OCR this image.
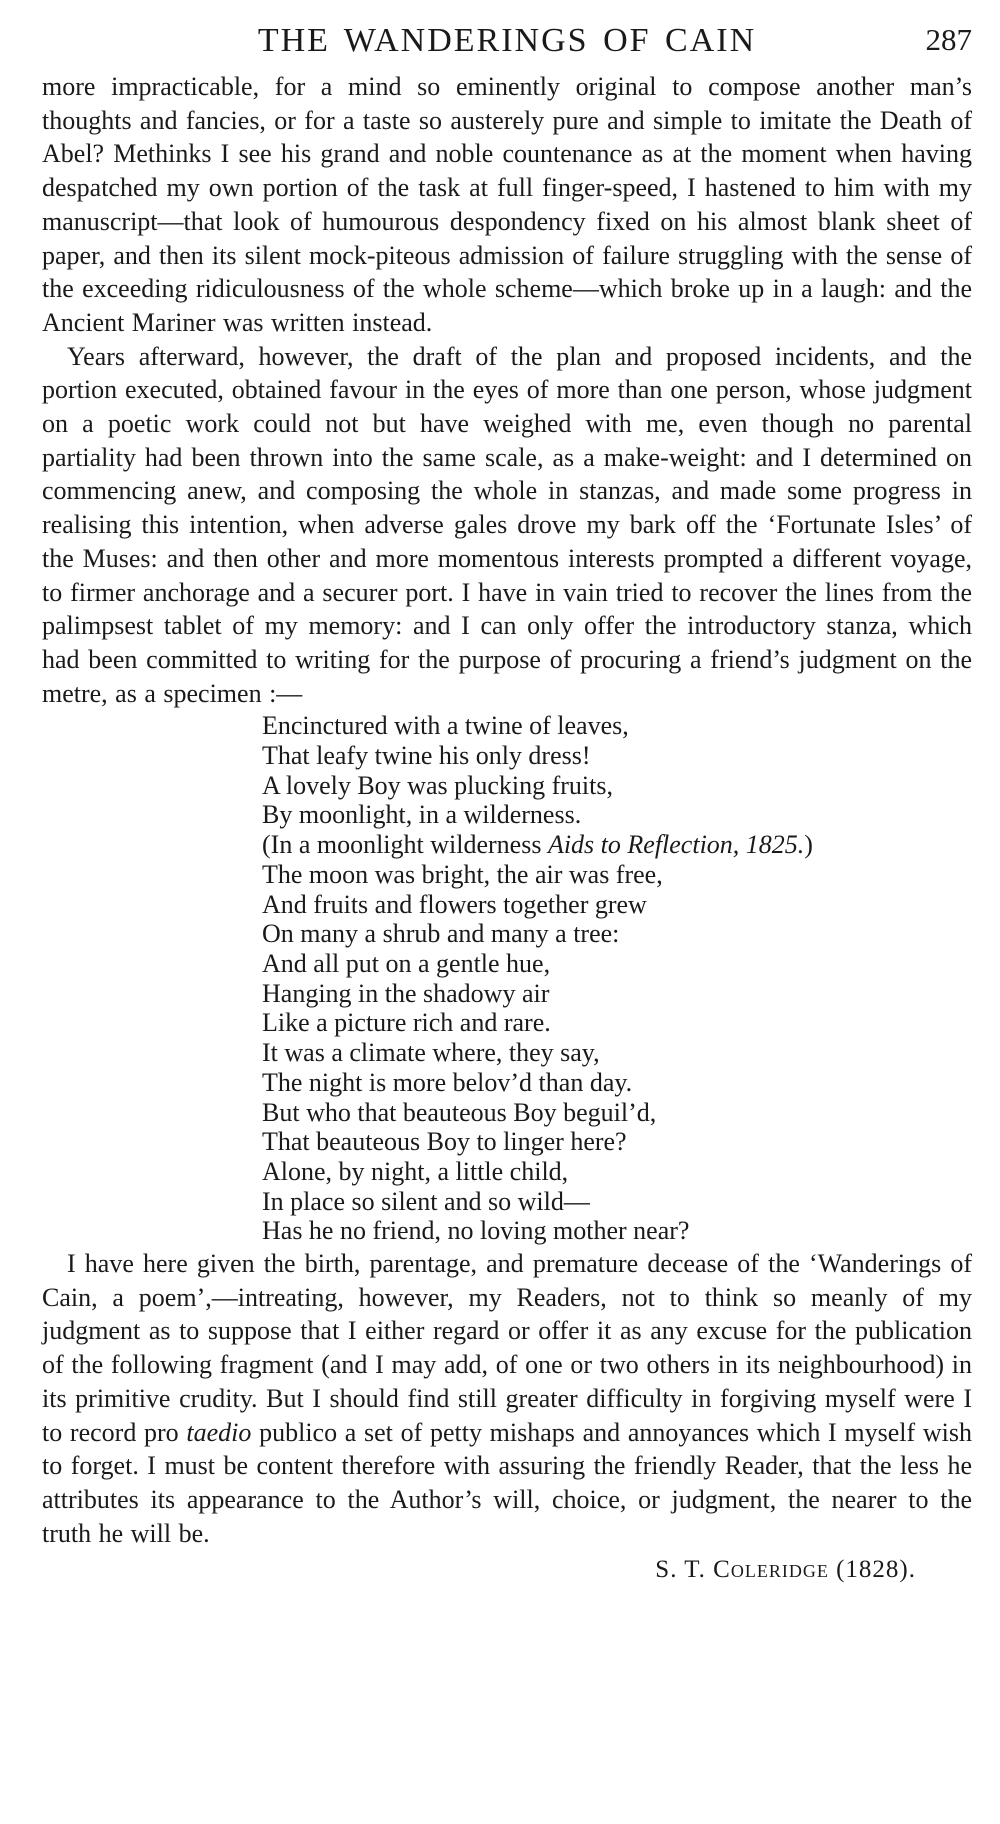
THE WANDERINGS OF CAIN	287

more impracticable, for a mind so eminently original to compose another man’s thoughts and fancies, or for a taste so austerely pure and simple to imitate the Death of Abel? Methinks I see his grand and noble countenance as at the moment when having despatched my own portion of the task at full finger-speed, I hastened to him with my manuscript—that look of humourous despondency fixed on his almost blank sheet of paper, and then its silent mock-piteous admission of failure struggling with the sense of the exceeding ridiculousness of the whole scheme—which broke up in a laugh: and the Ancient Mariner was written instead.

Years afterward, however, the draft of the plan and proposed incidents, and the portion executed, obtained favour in the eyes of more than one person, whose judgment on a poetic work could not but have weighed with me, even though no parental partiality had been thrown into the same scale, as a make-weight: and I determined on commencing anew, and composing the whole in stanzas, and made some progress in realising this intention, when adverse gales drove my bark off the ‘Fortunate Isles’ of the Muses: and then other and more momentous interests prompted a different voyage, to firmer anchorage and a securer port. I have in vain tried to recover the lines from the palimpsest tablet of my memory: and I can only offer the introductory stanza, which had been committed to writing for the purpose of procuring a friend’s judgment on the metre, as a specimen :—

Encinctured with a twine of leaves,
That leafy twine his only dress!
A lovely Boy was plucking fruits,
By moonlight, in a wilderness.
(In a moonlight wilderness Aids to Reflection, 1825.)
The moon was bright, the air was free,
And fruits and flowers together grew
On many a shrub and many a tree:
And all put on a gentle hue,
Hanging in the shadowy air
Like a picture rich and rare.
It was a climate where, they say,
The night is more belov’d than day.
But who that beauteous Boy beguil’d,
That beauteous Boy to linger here?
Alone, by night, a little child,
In place so silent and so wild—
Has he no friend, no loving mother near?

I have here given the birth, parentage, and premature decease of the ‘Wanderings of Cain, a poem’,—intreating, however, my Readers, not to think so meanly of my judgment as to suppose that I either regard or offer it as any excuse for the publication of the following fragment (and I may add, of one or two others in its neighbourhood) in its primitive crudity. But I should find still greater difficulty in forgiving myself were I to record pro taedio publico a set of petty mishaps and annoyances which I myself wish to forget. I must be content therefore with assuring the friendly Reader, that the less he attributes its appearance to the Author’s will, choice, or judgment, the nearer to the truth he will be.

S. T. Coleridge (1828).
